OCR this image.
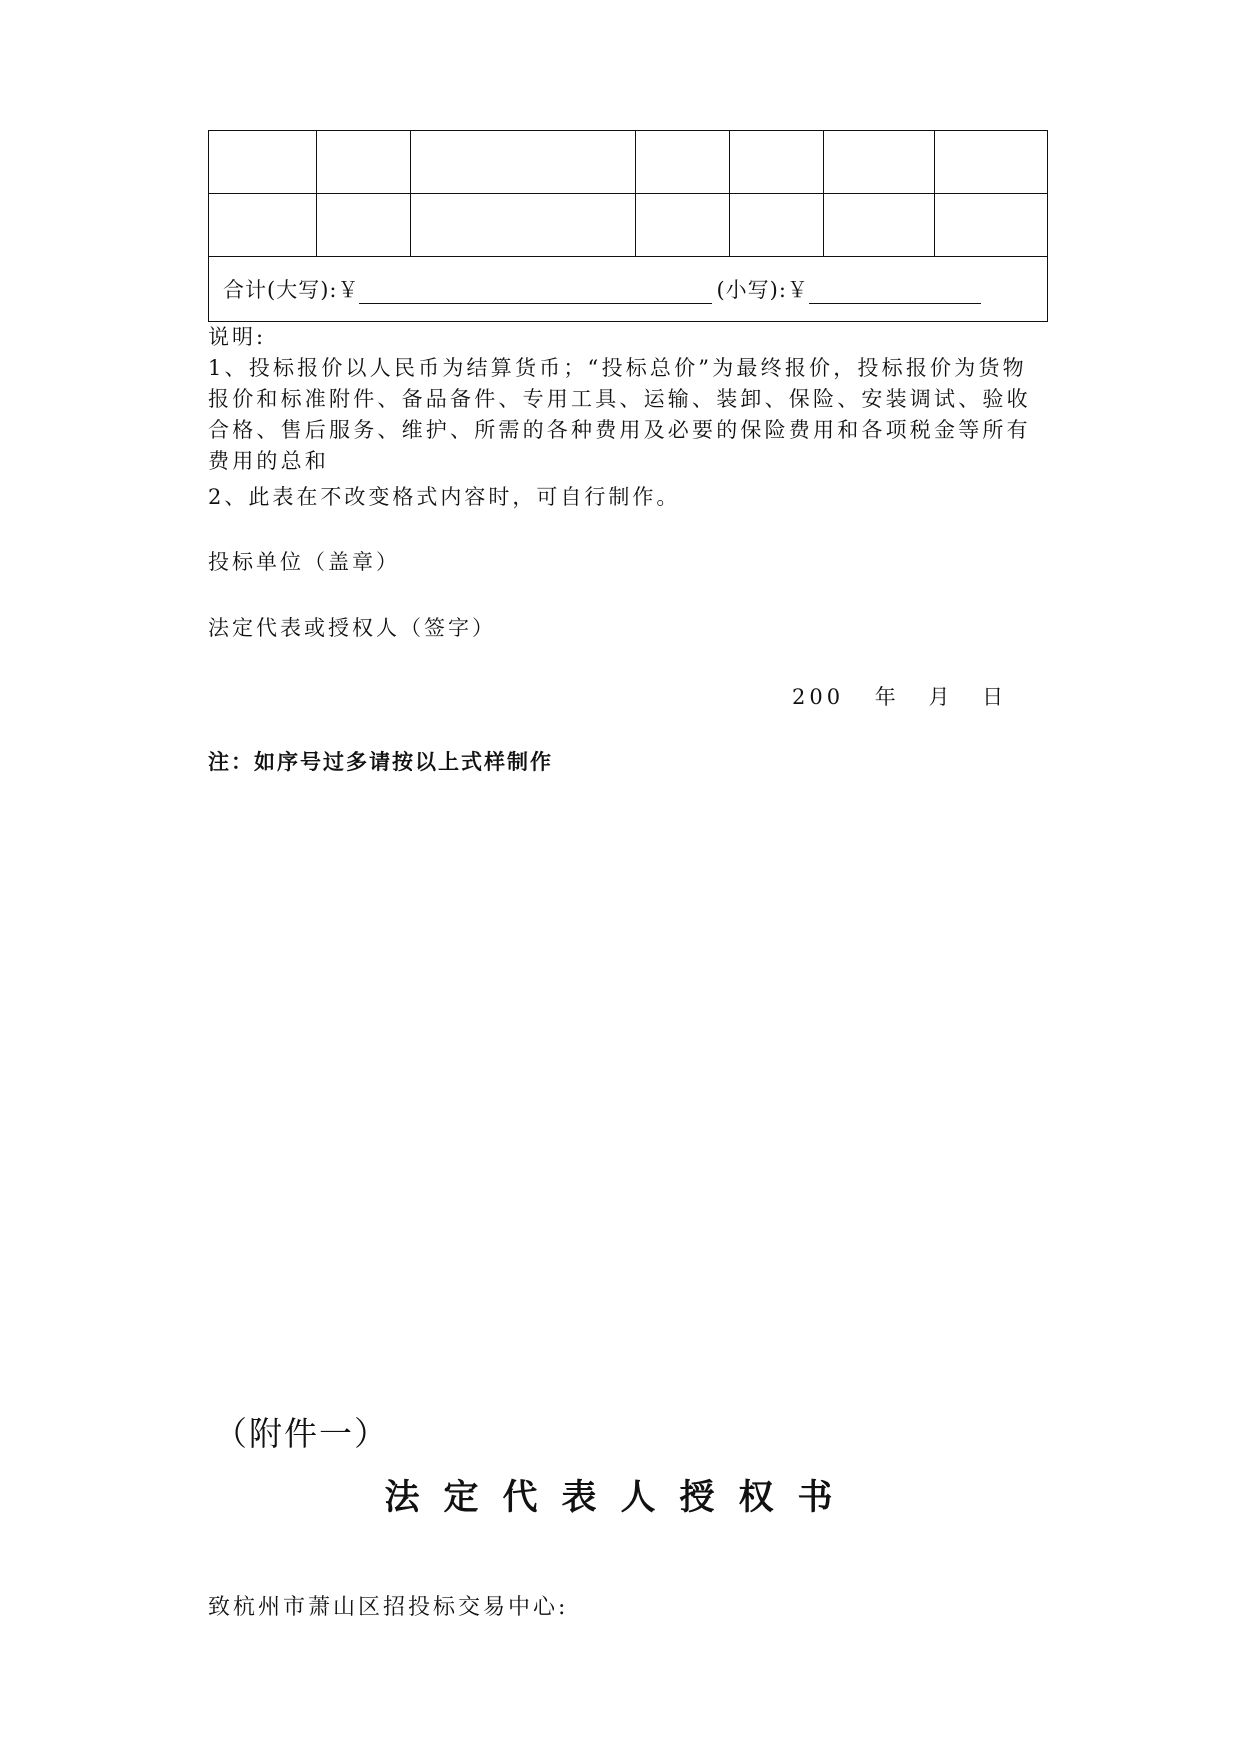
合计(大写):￥ (小写):￥						
说明:
1、投标报价以人民币为结算货币；“投标总价”为最终报价，投标报价为货物报价和标准附件、备品备件、专用工具、运输、装卸、保险、安装调试、验收合格、售后服务、维护、所需的各种费用及必要的保险费用和各项税金等所有费用的总和
2、此表在不改变格式内容时，可自行制作。
投标单位（盖章）
法定代表或授权人（签字）
200 年 月 日
注：如序号过多请按以上式样制作
（附件一）
法定代表人授权书
致杭州市萧山区招投标交易中心:
